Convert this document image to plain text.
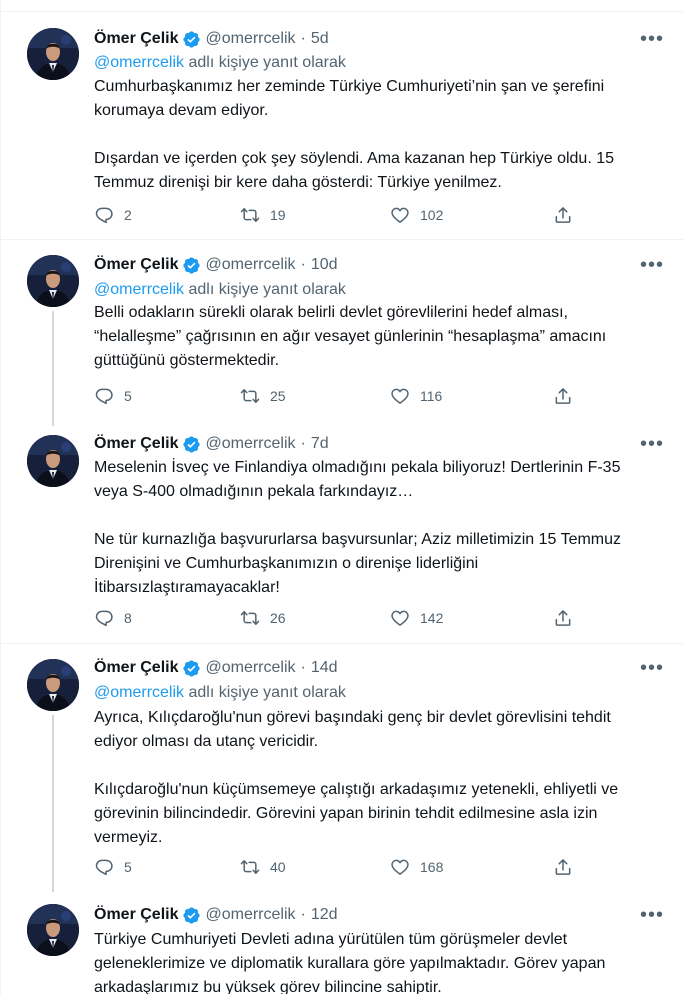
Ömer Çelik @omerrcelik · 5d	•••
@omerrcelik adlı kişiye yanıt olarak

Cumhurbaşkanımız her zeminde Türkiye Cumhuriyeti’nin şan ve şerefini korumaya devam ediyor.

Dışardan ve içerden çok şey söylendi. Ama kazanan hep Türkiye oldu. 15 Temmuz direnişi bir kere daha gösterdi: Türkiye yenilmez.

2	19	102
Ömer Çelik @omerrcelik · 10d	•••
@omerrcelik adlı kişiye yanıt olarak

Belli odakların sürekli olarak belirli devlet görevlilerini hedef alması, “helalleşme” çağrısının en ağır vesayet günlerinin “hesaplaşma” amacını güttüğünü göstermektedir.

5	25	116
Ömer Çelik @omerrcelik · 7d	•••

Meselenin İsveç ve Finlandiya olmadığını pekala biliyoruz! Dertlerinin F-35 veya S-400 olmadığının pekala farkındayız…

Ne tür kurnazlığa başvururlarsa başvursunlar; Aziz milletimizin 15 Temmuz Direnişini ve Cumhurbaşkanımızın o direnişe liderliğini İtibarsızlaştıramayacaklar!

8	26	142
Ömer Çelik @omerrcelik · 14d	•••
@omerrcelik adlı kişiye yanıt olarak

Ayrıca, Kılıçdaroğlu'nun görevi başındaki genç bir devlet görevlisini tehdit ediyor olması da utanç vericidir.

Kılıçdaroğlu'nun küçümsemeye çalıştığı arkadaşımız yetenekli, ehliyetli ve görevinin bilincindedir. Görevini yapan birinin tehdit edilmesine asla izin vermeyiz.

5	40	168
Ömer Çelik @omerrcelik · 12d	•••

Türkiye Cumhuriyeti Devleti adına yürütülen tüm görüşmeler devlet geleneklerimize ve diplomatik kurallara göre yapılmaktadır. Görev yapan arkadaşlarımız bu yüksek görev bilincine sahiptir.
